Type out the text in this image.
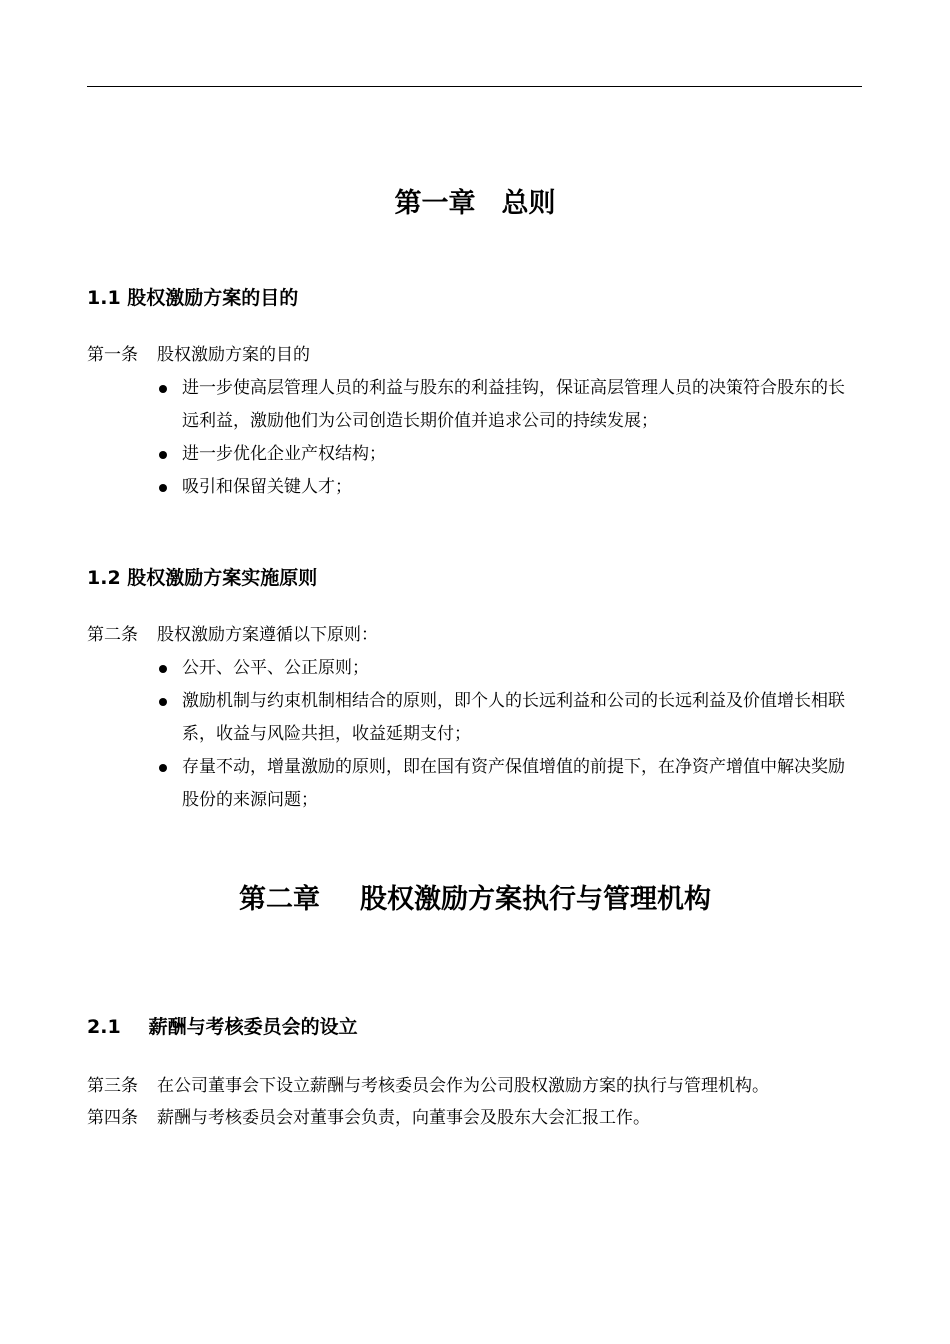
第一章 总则
1.1 股权激励方案的目的
第一条 股权激励方案的目的
进一步使高层管理人员的利益与股东的利益挂钩，保证高层管理人员的决策符合股东的长远利益，激励他们为公司创造长期价值并追求公司的持续发展；
进一步优化企业产权结构；
吸引和保留关键人才；
1.2 股权激励方案实施原则
第二条 股权激励方案遵循以下原则：
公开、公平、公正原则；
激励机制与约束机制相结合的原则，即个人的长远利益和公司的长远利益及价值增长相联系，收益与风险共担，收益延期支付；
存量不动，增量激励的原则，即在国有资产保值增值的前提下，在净资产增值中解决奖励股份的来源问题；
第二章 股权激励方案执行与管理机构
2.1 薪酬与考核委员会的设立
第三条 在公司董事会下设立薪酬与考核委员会作为公司股权激励方案的执行与管理机构。
第四条 薪酬与考核委员会对董事会负责，向董事会及股东大会汇报工作。
